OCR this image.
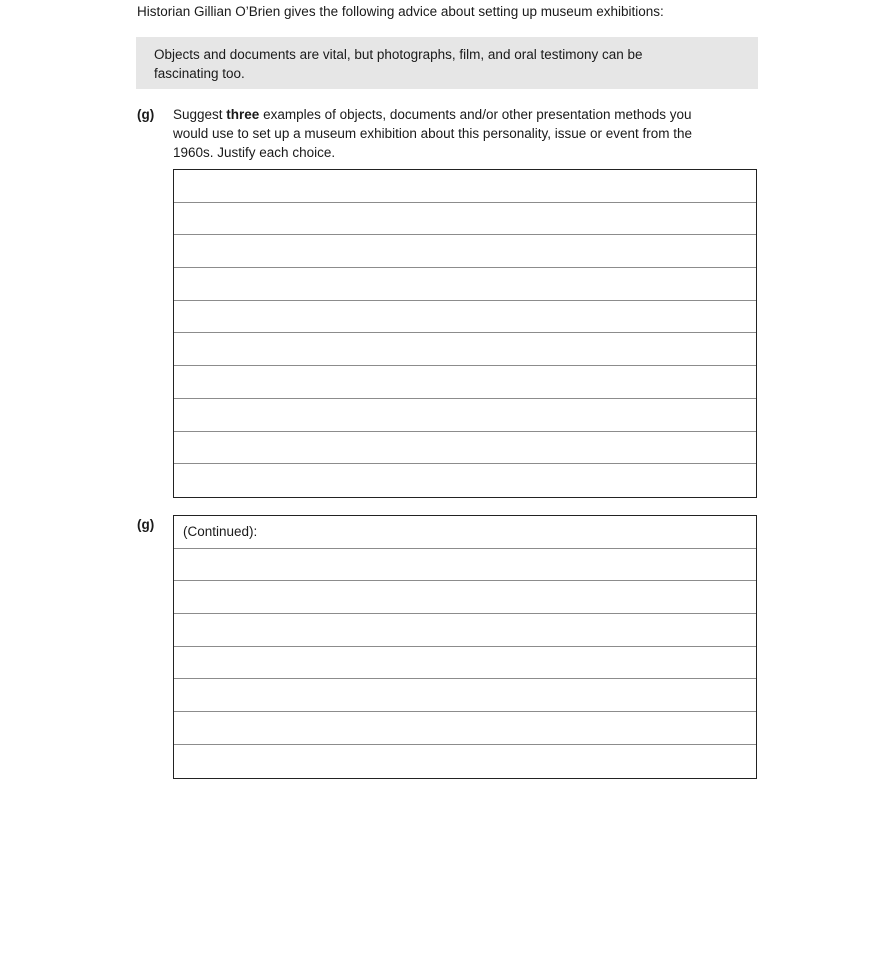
Historian Gillian O’Brien gives the following advice about setting up museum exhibitions:
Objects and documents are vital, but photographs, film, and oral testimony can be
fascinating too.
(g) Suggest three examples of objects, documents and/or other presentation methods you
would use to set up a museum exhibition about this personality, issue or event from the
1960s. Justify each choice.
(g)	(Continued):
